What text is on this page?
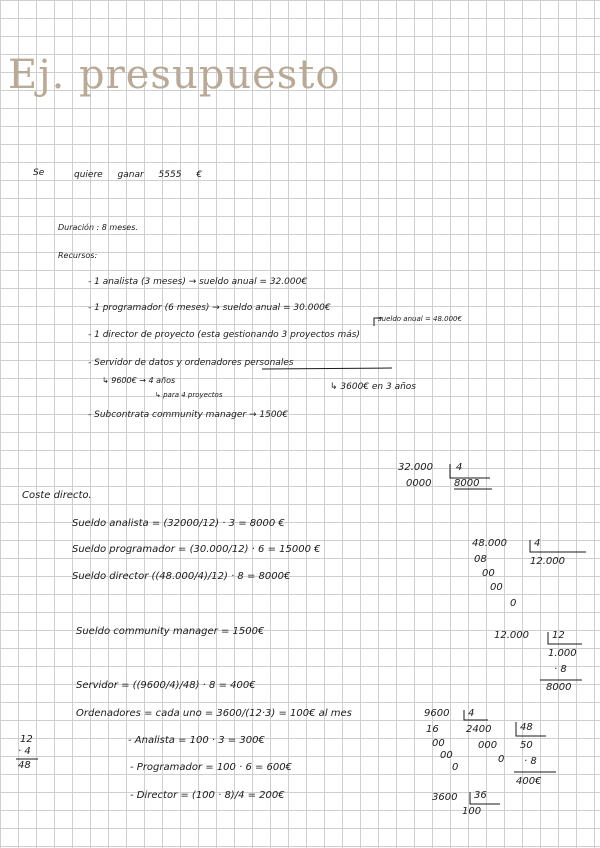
Ej. presupuesto
Se	quiere ganar 5555 €
Duración : 8 meses.
Recursos:
- 1 analista (3 meses) → sueldo anual = 32.000€
- 1 programador (6 meses) → sueldo anual = 30.000€
sueldo anual = 48.000€
- 1 director de proyecto (esta gestionando 3 proyectos más)
- Servidor de datos y ordenadores personales
↳ 9600€ → 4 años
↳ para 4 proyectos
↳ 3600€ en 3 años
- Subcontrata community manager → 1500€
Coste directo.
Sueldo analista = (32000/12) · 3 = 8000 €
Sueldo programador = (30.000/12) · 6 = 15000 €
Sueldo director ((48.000/4)/12) · 8 = 8000€
Sueldo community manager = 1500€
Servidor = ((9600/4)/48) · 8 = 400€
Ordenadores = cada uno = 3600/(12·3) = 100€ al mes
- Analista = 100 · 3 = 300€
- Programador = 100 · 6 = 600€
- Director = (100 · 8)/4 = 200€
32.000 4
0000 8000
48.000	4
08
00
00
0
12.000
12.000 12
1.000
· 8
8000
9600 4
16
00
00
0
2400	48
000
0
50
· 8
400€
3600 36
100
12
· 4
48
